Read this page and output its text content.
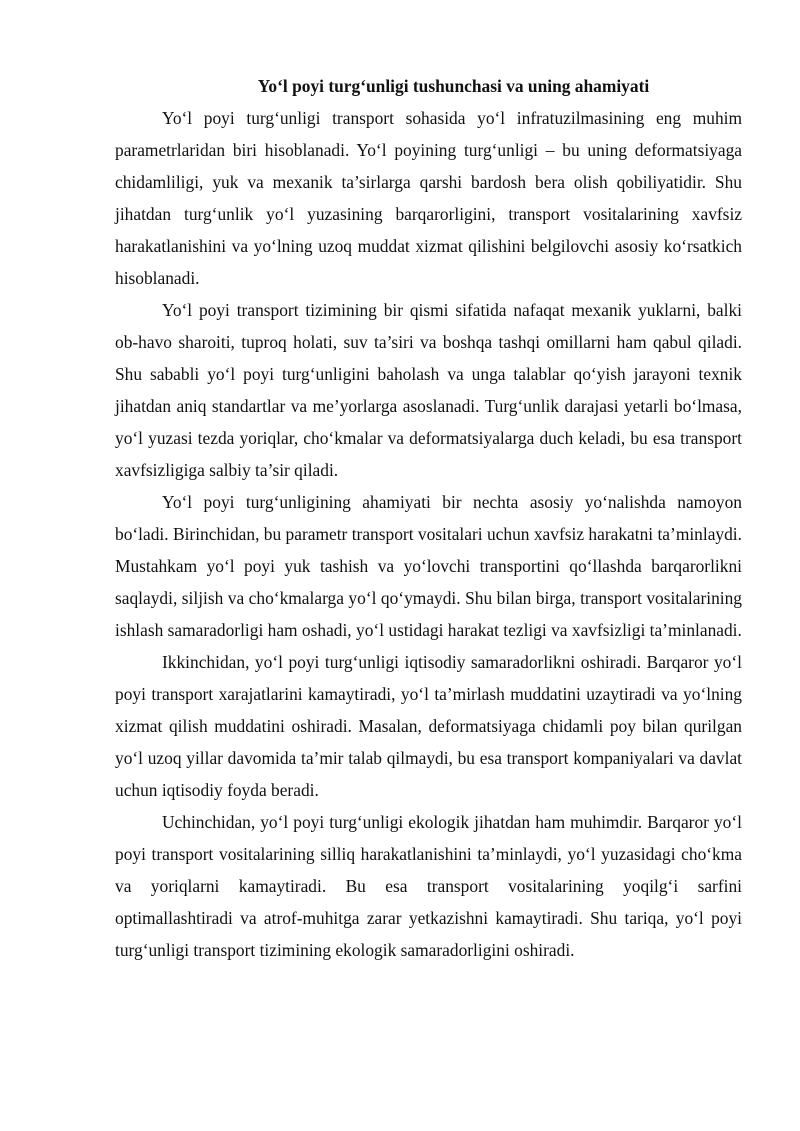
Yo‘l poyi turg‘unligi tushunchasi va uning ahamiyati

Yo‘l poyi turg‘unligi transport sohasida yo‘l infratuzilmasining eng muhim parametrlaridan biri hisoblanadi. Yo‘l poyining turg‘unligi – bu uning deformatsiyaga chidamliligi, yuk va mexanik ta’sirlarga qarshi bardosh bera olish qobiliyatidir. Shu jihatdan turg‘unlik yo‘l yuzasining barqarorligini, transport vositalarining xavfsiz harakatlanishini va yo‘lning uzoq muddat xizmat qilishini belgilovchi asosiy ko‘rsatkich hisoblanadi.

Yo‘l poyi transport tizimining bir qismi sifatida nafaqat mexanik yuklarni, balki ob-havo sharoiti, tuproq holati, suv ta’siri va boshqa tashqi omillarni ham qabul qiladi. Shu sababli yo‘l poyi turg‘unligini baholash va unga talablar qo‘yish jarayoni texnik jihatdan aniq standartlar va me’yorlarga asoslanadi. Turg‘unlik darajasi yetarli bo‘lmasa, yo‘l yuzasi tezda yoriqlar, cho‘kmalar va deformatsiyalarga duch keladi, bu esa transport xavfsizligiga salbiy ta’sir qiladi.

Yo‘l poyi turg‘unligining ahamiyati bir nechta asosiy yo‘nalishda namoyon bo‘ladi. Birinchidan, bu parametr transport vositalari uchun xavfsiz harakatni ta’minlaydi. Mustahkam yo‘l poyi yuk tashish va yo‘lovchi transportini qo‘llashda barqarorlikni saqlaydi, siljish va cho‘kmalarga yo‘l qo‘ymaydi. Shu bilan birga, transport vositalarining ishlash samaradorligi ham oshadi, yo‘l ustidagi harakat tezligi va xavfsizligi ta’minlanadi.

Ikkinchidan, yo‘l poyi turg‘unligi iqtisodiy samaradorlikni oshiradi. Barqaror yo‘l poyi transport xarajatlarini kamaytiradi, yo‘l ta’mirlash muddatini uzaytiradi va yo‘lning xizmat qilish muddatini oshiradi. Masalan, deformatsiyaga chidamli poy bilan qurilgan yo‘l uzoq yillar davomida ta’mir talab qilmaydi, bu esa transport kompaniyalari va davlat uchun iqtisodiy foyda beradi.

Uchinchidan, yo‘l poyi turg‘unligi ekologik jihatdan ham muhimdir. Barqaror yo‘l poyi transport vositalarining silliq harakatlanishini ta’minlaydi, yo‘l yuzasidagi cho‘kma va yoriqlarni kamaytiradi. Bu esa transport vositalarining yoqilg‘i sarfini optimallashtiradi va atrof-muhitga zarar yetkazishni kamaytiradi. Shu tariqa, yo‘l poyi turg‘unligi transport tizimining ekologik samaradorligini oshiradi.
